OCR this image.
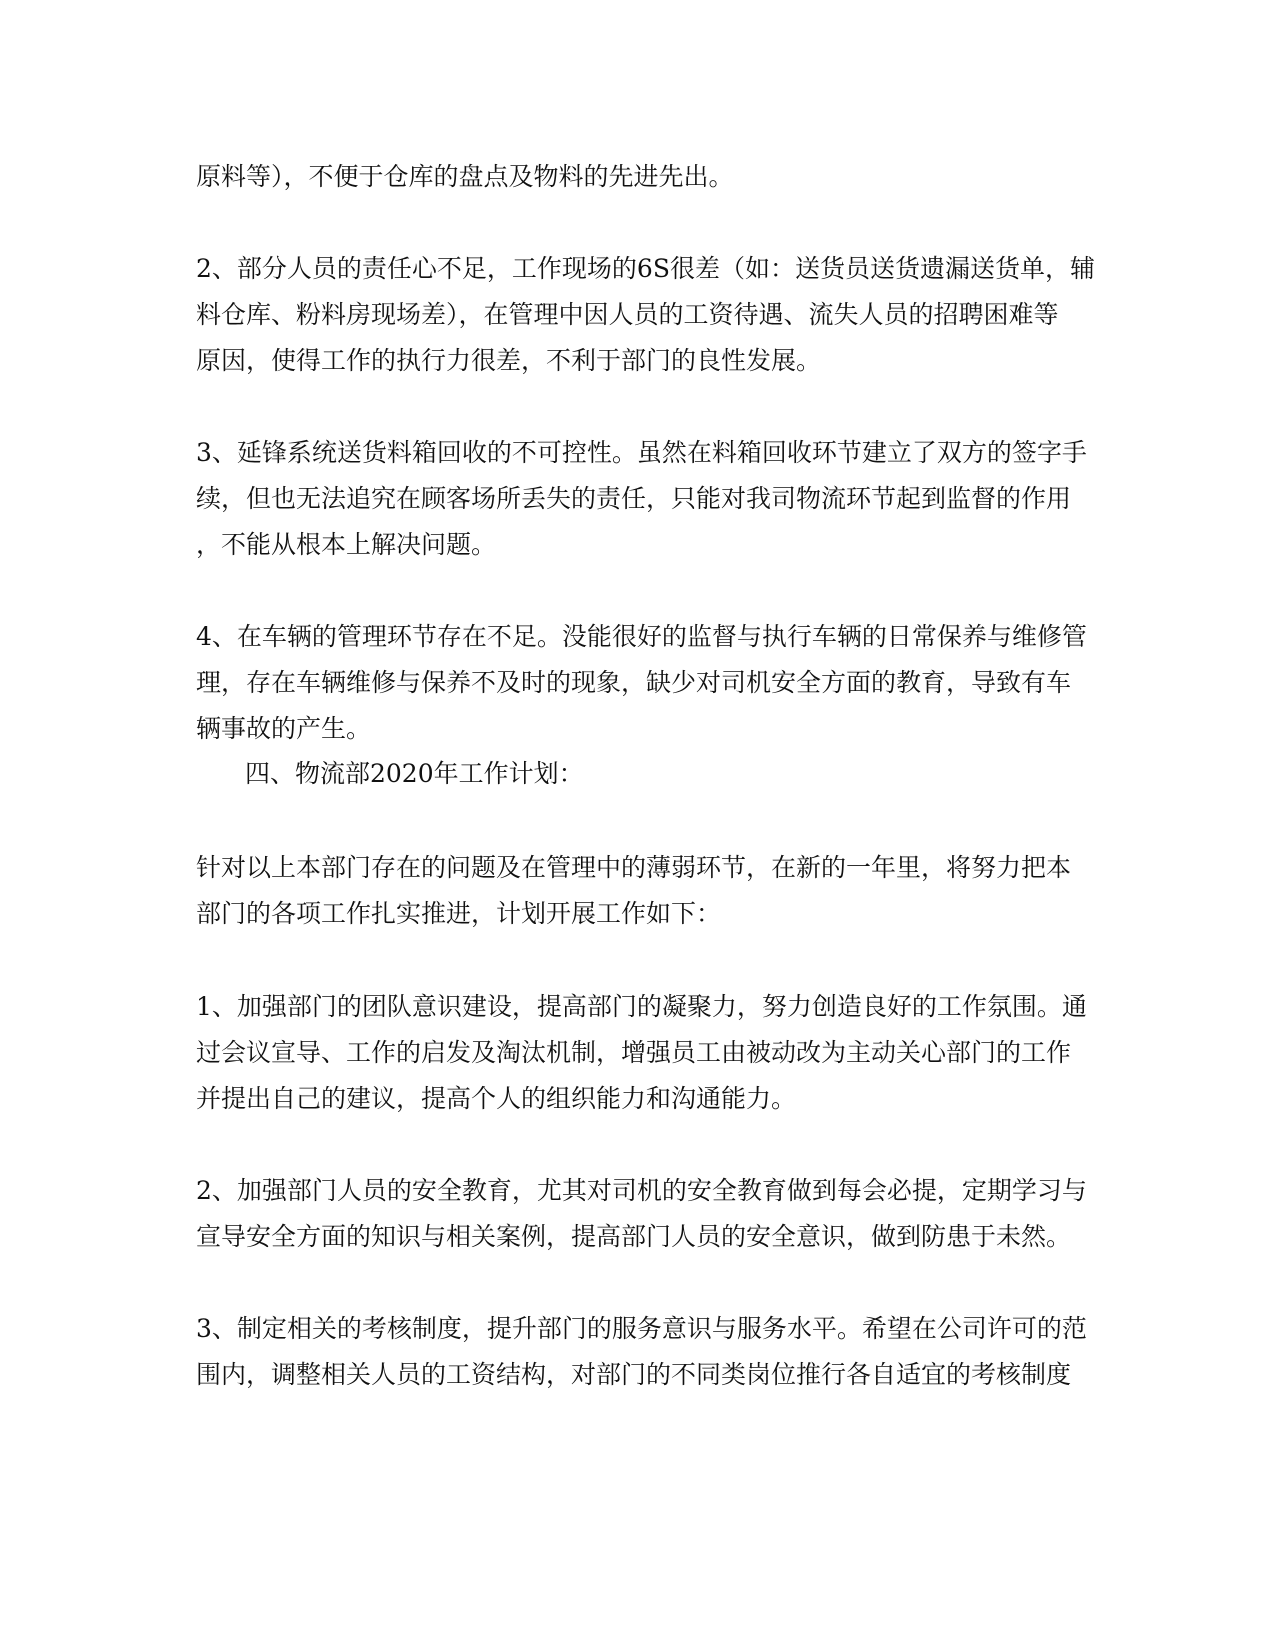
原料等），不便于仓库的盘点及物料的先进先出。
2、部分人员的责任心不足，工作现场的6S很差（如：送货员送货遗漏送货单，辅
料仓库、粉料房现场差），在管理中因人员的工资待遇、流失人员的招聘困难等
原因，使得工作的执行力很差，不利于部门的良性发展。
3、延锋系统送货料箱回收的不可控性。虽然在料箱回收环节建立了双方的签字手
续，但也无法追究在顾客场所丢失的责任，只能对我司物流环节起到监督的作用
，不能从根本上解决问题。
4、在车辆的管理环节存在不足。没能很好的监督与执行车辆的日常保养与维修管
理，存在车辆维修与保养不及时的现象，缺少对司机安全方面的教育，导致有车
辆事故的产生。
四、物流部2020年工作计划：
针对以上本部门存在的问题及在管理中的薄弱环节，在新的一年里，将努力把本
部门的各项工作扎实推进，计划开展工作如下：
1、加强部门的团队意识建设，提高部门的凝聚力，努力创造良好的工作氛围。通
过会议宣导、工作的启发及淘汰机制，增强员工由被动改为主动关心部门的工作
并提出自己的建议，提高个人的组织能力和沟通能力。
2、加强部门人员的安全教育，尤其对司机的安全教育做到每会必提，定期学习与
宣导安全方面的知识与相关案例，提高部门人员的安全意识，做到防患于未然。
3、制定相关的考核制度，提升部门的服务意识与服务水平。希望在公司许可的范
围内，调整相关人员的工资结构，对部门的不同类岗位推行各自适宜的考核制度
